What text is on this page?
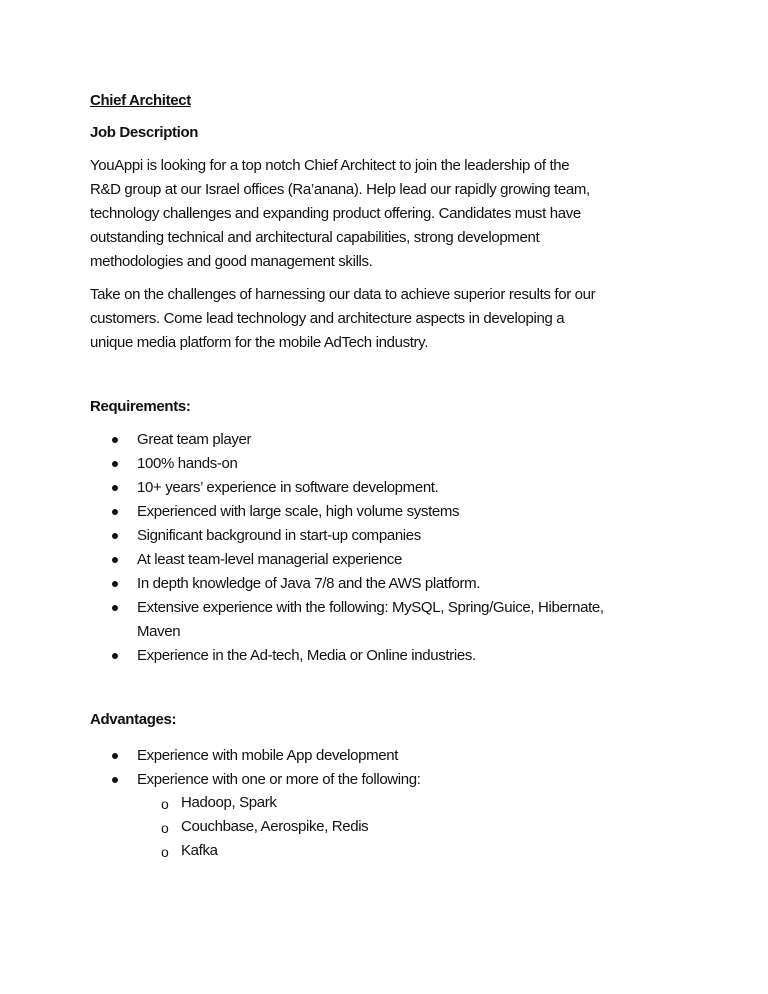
Chief Architect
Job Description
YouAppi is looking for a top notch Chief Architect to join the leadership of the
R&D group at our Israel offices (Ra’anana). Help lead our rapidly growing team,
technology challenges and expanding product offering. Candidates must have
outstanding technical and architectural capabilities, strong development
methodologies and good management skills.
Take on the challenges of harnessing our data to achieve superior results for our
customers. Come lead technology and architecture aspects in developing a
unique media platform for the mobile AdTech industry.
Requirements:
Great team player
100% hands-on
10+ years’ experience in software development.
Experienced with large scale, high volume systems
Significant background in start-up companies
At least team-level managerial experience
In depth knowledge of Java 7/8 and the AWS platform.
Extensive experience with the following: MySQL, Spring/Guice, Hibernate,
Maven
Experience in the Ad-tech, Media or Online industries.
Advantages:
Experience with mobile App development
Experience with one or more of the following:
o Hadoop, Spark
o Couchbase, Aerospike, Redis
o Kafka
